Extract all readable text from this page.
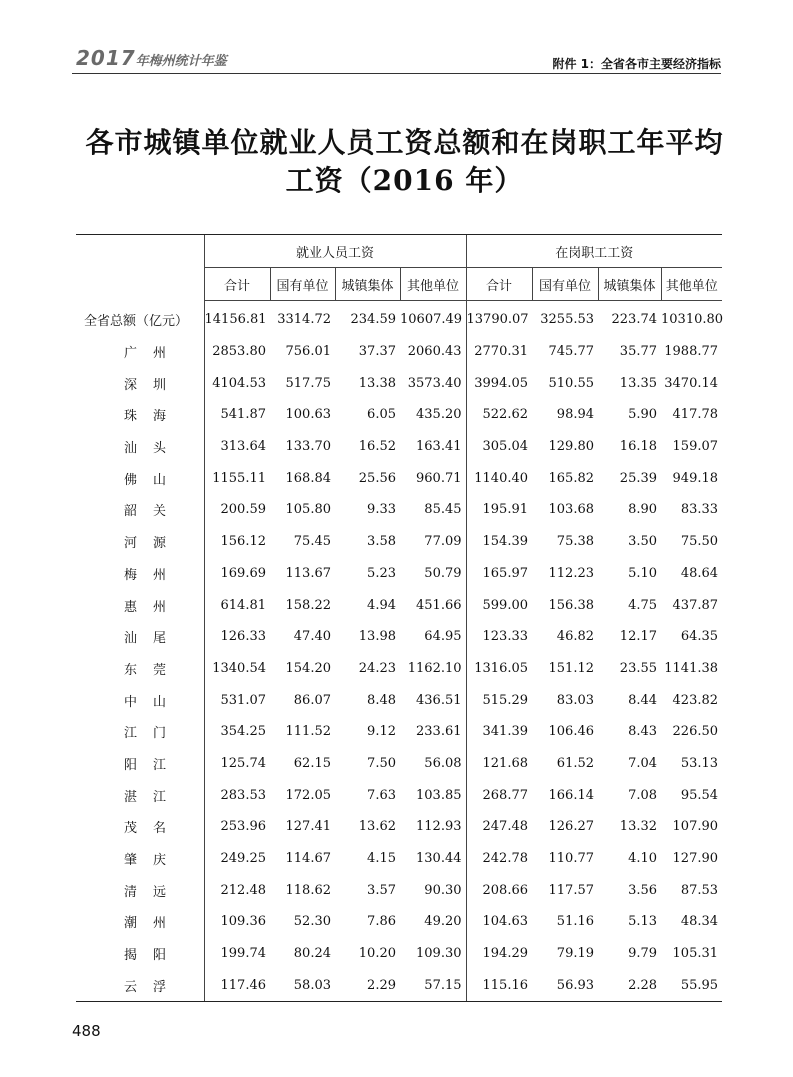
2017年梅州统计年鉴	附件 1：全省各市主要经济指标
各市城镇单位就业人员工资总额和在岗职工年平均
工资（2016 年）
	就业人员工资				在岗职工工资			
	合计	国有单位	城镇集体	其他单位	合计	国有单位	城镇集体	其他单位
全省总额（亿元）	14156.81	3314.72	234.59	10607.49	13790.07	3255.53	223.74	10310.80
广州	2853.80	756.01	37.37	2060.43	2770.31	745.77	35.77	1988.77
深圳	4104.53	517.75	13.38	3573.40	3994.05	510.55	13.35	3470.14
珠海	541.87	100.63	6.05	435.20	522.62	98.94	5.90	417.78
汕头	313.64	133.70	16.52	163.41	305.04	129.80	16.18	159.07
佛山	1155.11	168.84	25.56	960.71	1140.40	165.82	25.39	949.18
韶关	200.59	105.80	9.33	85.45	195.91	103.68	8.90	83.33
河源	156.12	75.45	3.58	77.09	154.39	75.38	3.50	75.50
梅州	169.69	113.67	5.23	50.79	165.97	112.23	5.10	48.64
惠州	614.81	158.22	4.94	451.66	599.00	156.38	4.75	437.87
汕尾	126.33	47.40	13.98	64.95	123.33	46.82	12.17	64.35
东莞	1340.54	154.20	24.23	1162.10	1316.05	151.12	23.55	1141.38
中山	531.07	86.07	8.48	436.51	515.29	83.03	8.44	423.82
江门	354.25	111.52	9.12	233.61	341.39	106.46	8.43	226.50
阳江	125.74	62.15	7.50	56.08	121.68	61.52	7.04	53.13
湛江	283.53	172.05	7.63	103.85	268.77	166.14	7.08	95.54
茂名	253.96	127.41	13.62	112.93	247.48	126.27	13.32	107.90
肇庆	249.25	114.67	4.15	130.44	242.78	110.77	4.10	127.90
清远	212.48	118.62	3.57	90.30	208.66	117.57	3.56	87.53
潮州	109.36	52.30	7.86	49.20	104.63	51.16	5.13	48.34
揭阳	199.74	80.24	10.20	109.30	194.29	79.19	9.79	105.31
云浮	117.46	58.03	2.29	57.15	115.16	56.93	2.28	55.95
488
